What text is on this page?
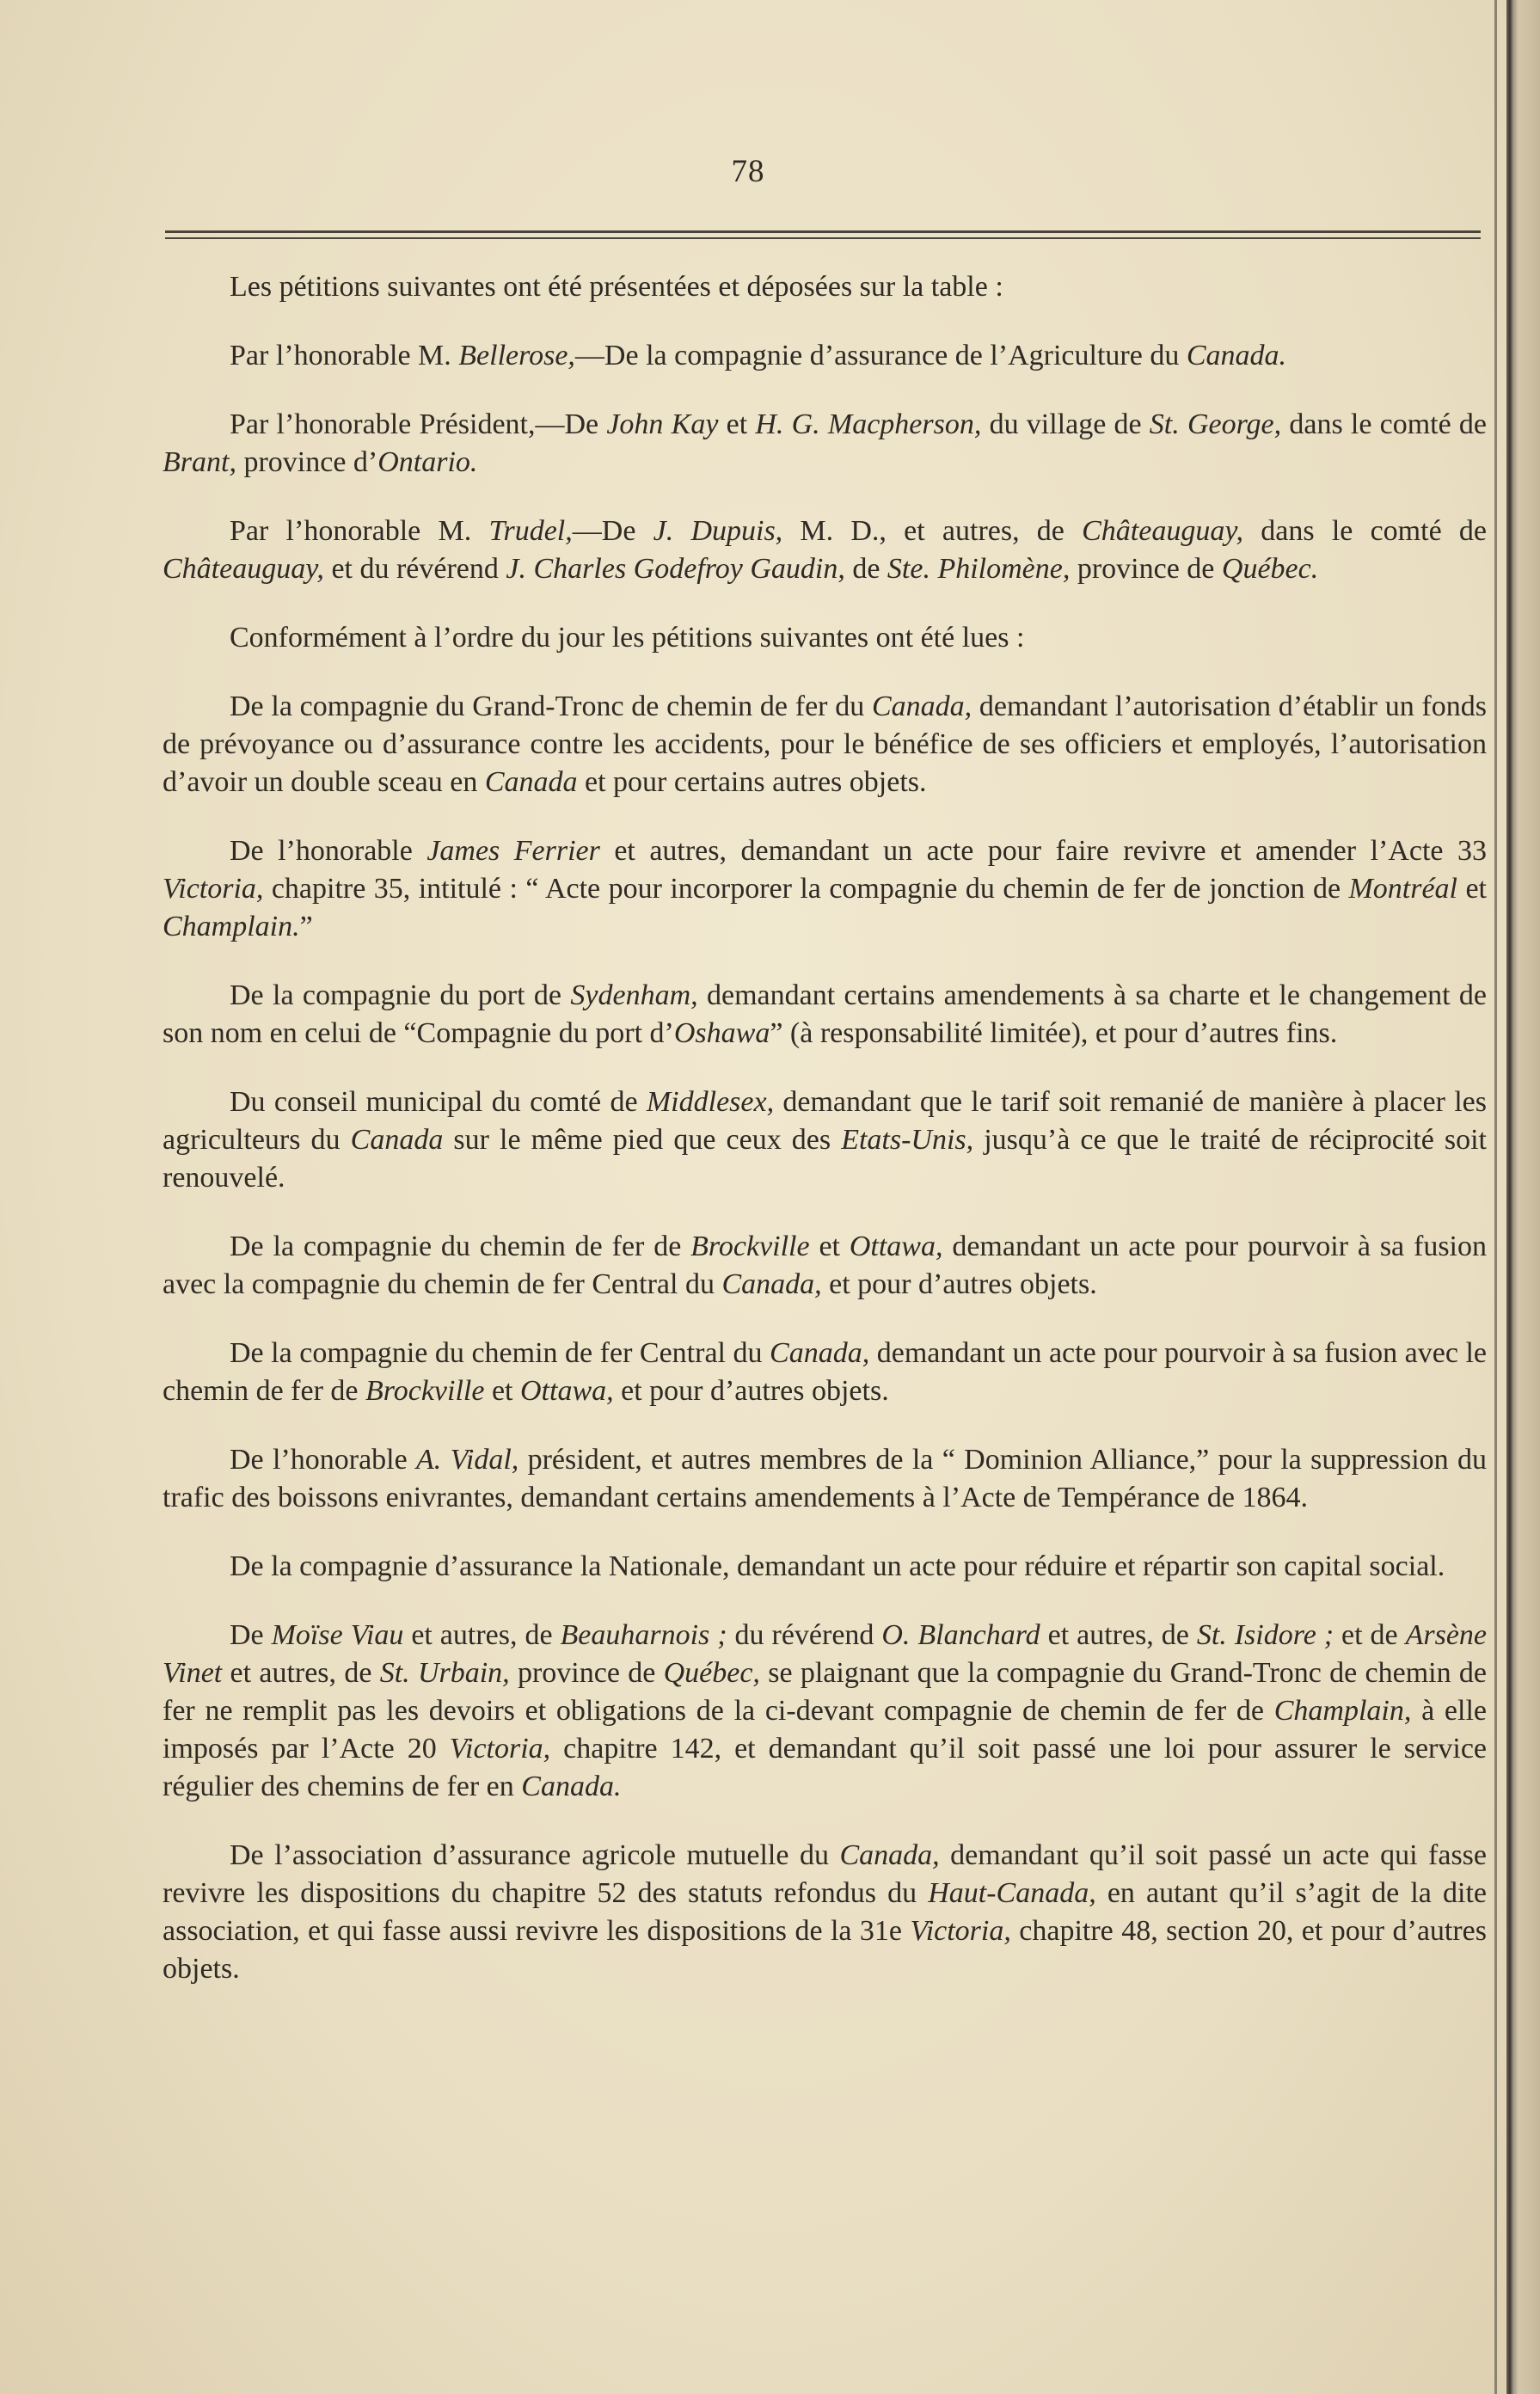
78

Les pétitions suivantes ont été présentées et déposées sur la table :

Par l’honorable M. Bellerose,—De la compagnie d’assurance de l’Agriculture du Canada.

Par l’honorable Président,—De John Kay et H. G. Macpherson, du village de St. George, dans le comté de Brant, province d’Ontario.

Par l’honorable M. Trudel,—De J. Dupuis, M. D., et autres, de Châteauguay, dans le comté de Châteauguay, et du révérend J. Charles Godefroy Gaudin, de Ste. Philomène, province de Québec.

Conformément à l’ordre du jour les pétitions suivantes ont été lues :

De la compagnie du Grand-Tronc de chemin de fer du Canada, demandant l’autorisation d’établir un fonds de prévoyance ou d’assurance contre les accidents, pour le bénéfice de ses officiers et employés, l’autorisation d’avoir un double sceau en Canada et pour certains autres objets.

De l’honorable James Ferrier et autres, demandant un acte pour faire revivre et amender l’Acte 33 Victoria, chapitre 35, intitulé : “ Acte pour incorporer la compagnie du chemin de fer de jonction de Montréal et Champlain.”

De la compagnie du port de Sydenham, demandant certains amendements à sa charte et le changement de son nom en celui de “Compagnie du port d’Oshawa” (à responsabilité limitée), et pour d’autres fins.

Du conseil municipal du comté de Middlesex, demandant que le tarif soit remanié de manière à placer les agriculteurs du Canada sur le même pied que ceux des Etats-Unis, jusqu’à ce que le traité de réciprocité soit renouvelé.

De la compagnie du chemin de fer de Brockville et Ottawa, demandant un acte pour pourvoir à sa fusion avec la compagnie du chemin de fer Central du Canada, et pour d’autres objets.

De la compagnie du chemin de fer Central du Canada, demandant un acte pour pourvoir à sa fusion avec le chemin de fer de Brockville et Ottawa, et pour d’autres objets.

De l’honorable A. Vidal, président, et autres membres de la “ Dominion Alliance,” pour la suppression du trafic des boissons enivrantes, demandant certains amendements à l’Acte de Tempérance de 1864.

De la compagnie d’assurance la Nationale, demandant un acte pour réduire et répartir son capital social.

De Moïse Viau et autres, de Beauharnois ; du révérend O. Blanchard et autres, de St. Isidore ; et de Arsène Vinet et autres, de St. Urbain, province de Québec, se plaignant que la compagnie du Grand-Tronc de chemin de fer ne remplit pas les devoirs et obligations de la ci-devant compagnie de chemin de fer de Champlain, à elle imposés par l’Acte 20 Victoria, chapitre 142, et demandant qu’il soit passé une loi pour assurer le service régulier des chemins de fer en Canada.

De l’association d’assurance agricole mutuelle du Canada, demandant qu’il soit passé un acte qui fasse revivre les dispositions du chapitre 52 des statuts refondus du Haut-Canada, en autant qu’il s’agit de la dite association, et qui fasse aussi revivre les dispositions de la 31e Victoria, chapitre 48, section 20, et pour d’autres objets.
